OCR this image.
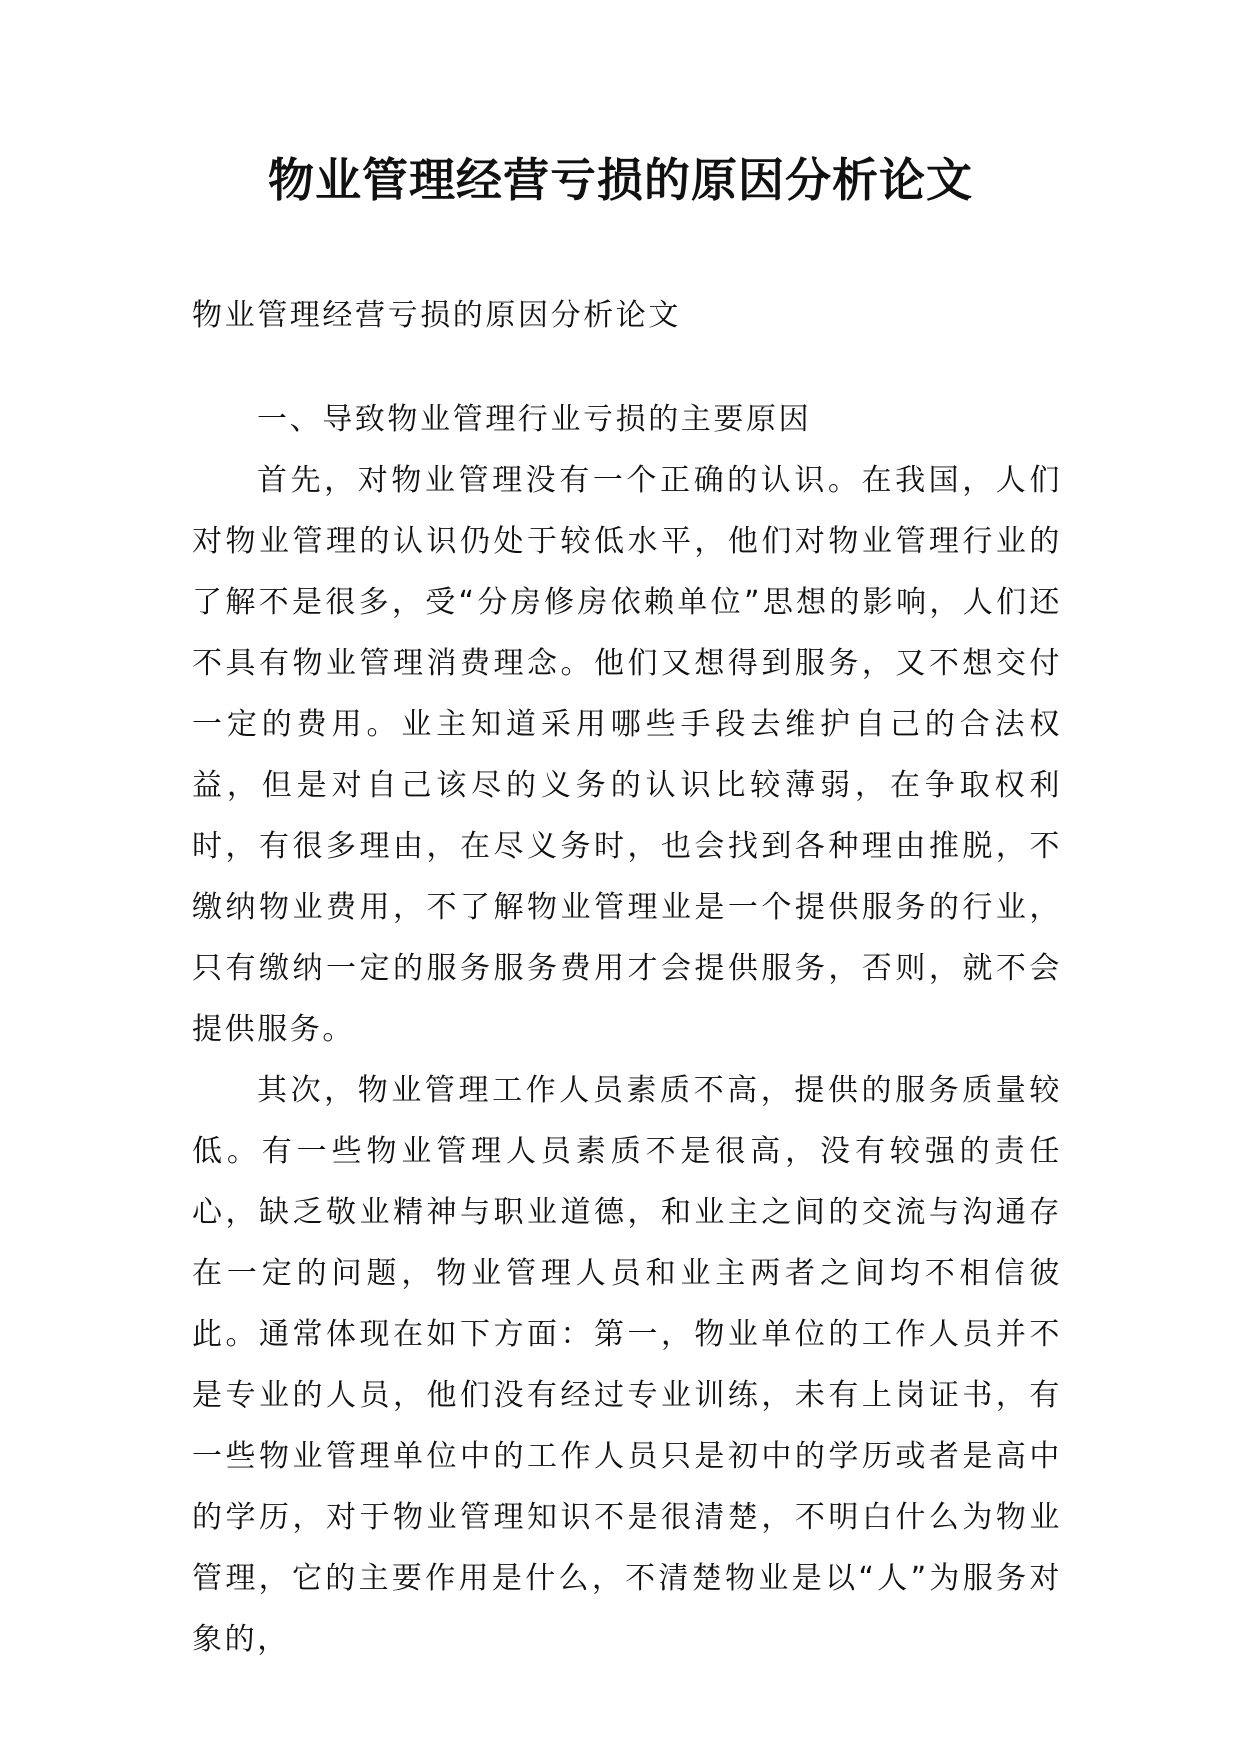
物业管理经营亏损的原因分析论文

物业管理经营亏损的原因分析论文

一、导致物业管理行业亏损的主要原因

首先，对物业管理没有一个正确的认识。在我国，人们对物业管理的认识仍处于较低水平，他们对物业管理行业的了解不是很多，受“分房修房依赖单位”思想的影响，人们还不具有物业管理消费理念。他们又想得到服务，又不想交付一定的费用。业主知道采用哪些手段去维护自己的合法权益，但是对自己该尽的义务的认识比较薄弱，在争取权利时，有很多理由，在尽义务时，也会找到各种理由推脱，不缴纳物业费用，不了解物业管理业是一个提供服务的行业，只有缴纳一定的服务服务费用才会提供服务，否则，就不会提供服务。

其次，物业管理工作人员素质不高，提供的服务质量较低。有一些物业管理人员素质不是很高，没有较强的责任心，缺乏敬业精神与职业道德，和业主之间的交流与沟通存在一定的问题，物业管理人员和业主两者之间均不相信彼此。通常体现在如下方面：第一，物业单位的工作人员并不是专业的人员，他们没有经过专业训练，未有上岗证书，有一些物业管理单位中的工作人员只是初中的学历或者是高中的学历，对于物业管理知识不是很清楚，不明白什么为物业管理，它的主要作用是什么，不清楚物业是以“人”为服务对象的，
